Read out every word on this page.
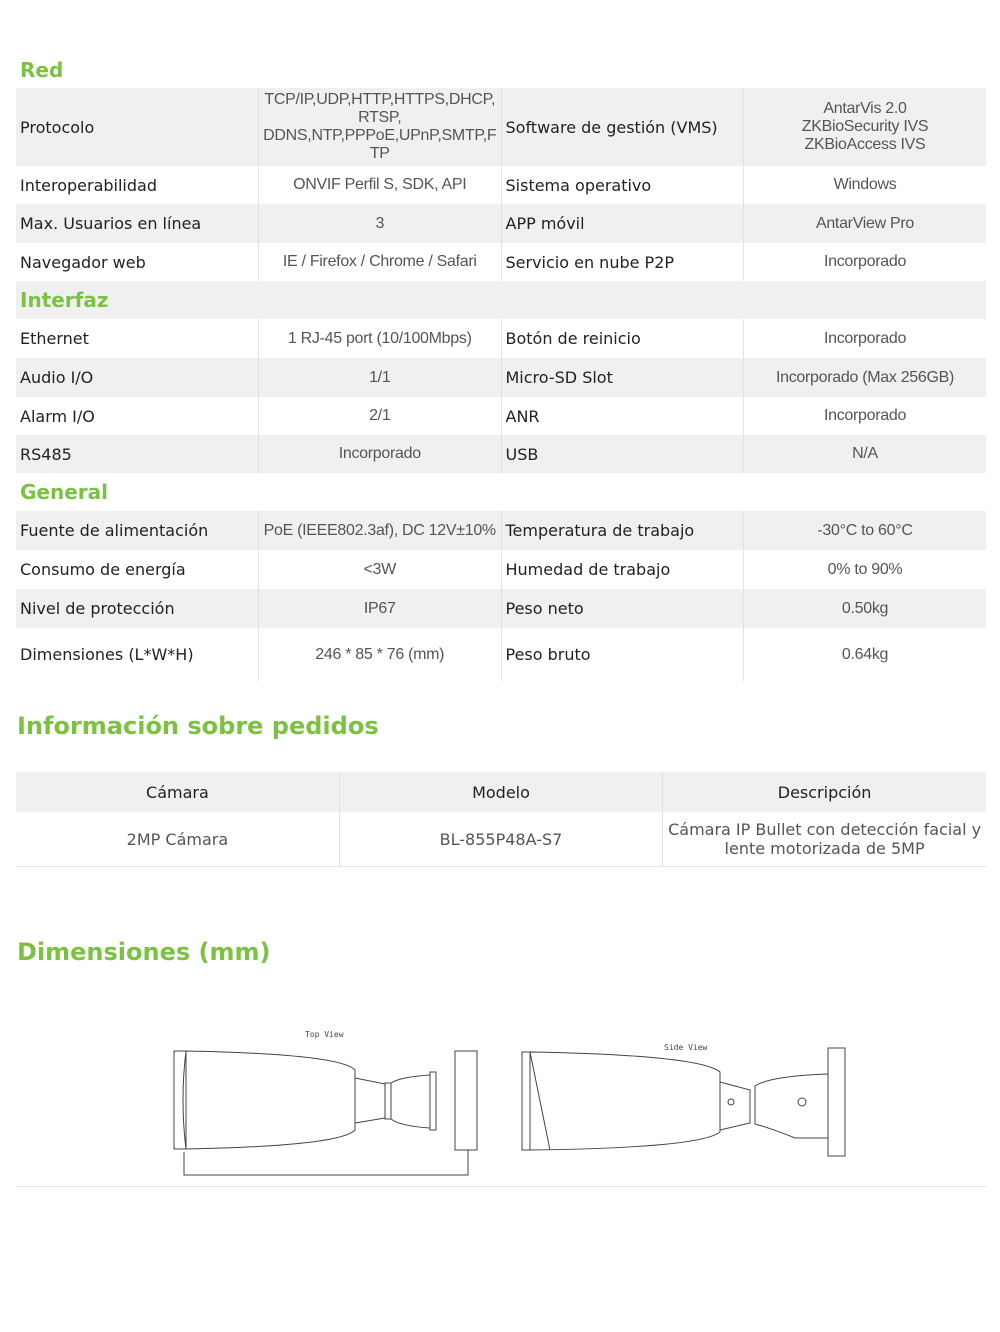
Red			
Protocolo	TCP/IP,UDP,HTTP,HTTPS,DHCP,RTSP, DDNS,NTP,PPPoE,UPnP,SMTP,FTP	Software de gestión (VMS)	AntarVis 2.0
ZKBioSecurity IVS
ZKBioAccess IVS
Interoperabilidad	ONVIF Perfil S, SDK, API	Sistema operativo	Windows
Max. Usuarios en línea	3	APP móvil	AntarView Pro
Navegador web	IE / Firefox / Chrome / Safari	Servicio en nube P2P	Incorporado
Interfaz			
Ethernet	1 RJ-45 port (10/100Mbps)	Botón de reinicio	Incorporado
Audio I/O	1/1	Micro-SD Slot	Incorporado (Max 256GB)
Alarm I/O	2/1	ANR	Incorporado
RS485	Incorporado	USB	N/A
General			
Fuente de alimentación	PoE (IEEE802.3af), DC 12V±10%	Temperatura de trabajo	-30°C to 60°C
Consumo de energía	<3W	Humedad de trabajo	0% to 90%
Nivel de protección	IP67	Peso neto	0.50kg
Dimensiones (L*W*H)	246 * 85 * 76 (mm)	Peso bruto	0.64kg
Información sobre pedidos
Cámara	Modelo	Descripción
2MP Cámara	BL-855P48A-S7	Cámara IP Bullet con detección facial y lente motorizada de 5MP
Dimensiones (mm)
Top View
Side View
